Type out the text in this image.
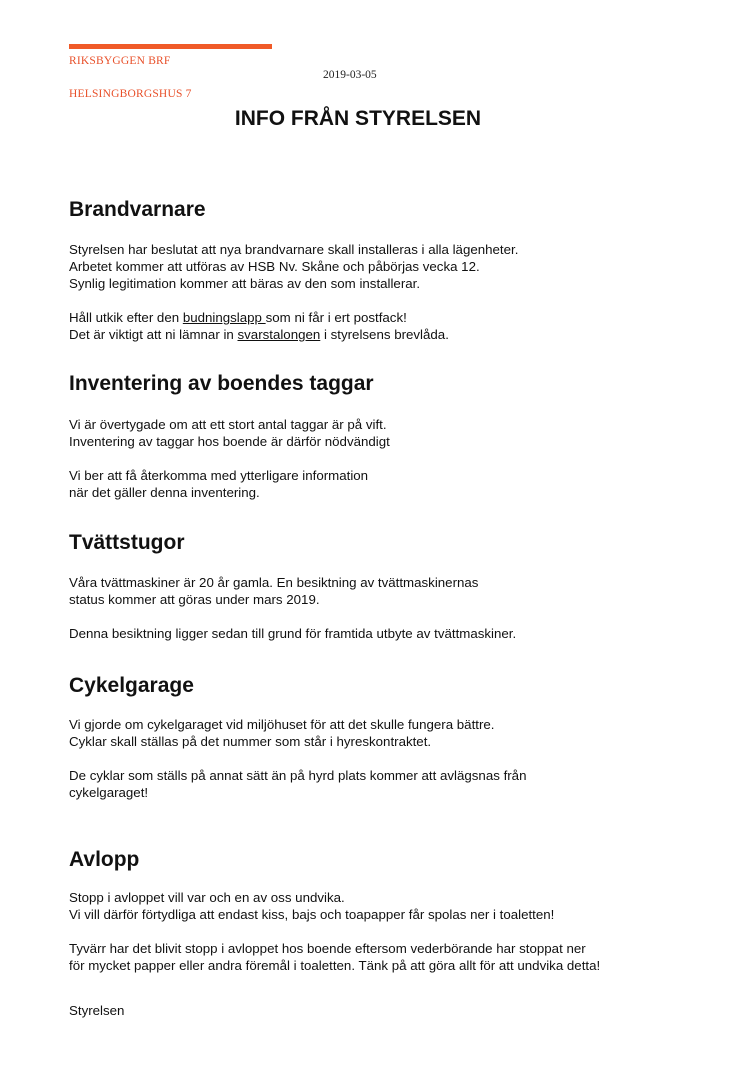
RIKSBYGGEN BRF
HELSINGBORGSHUS 7
2019-03-05
INFO FRÅN STYRELSEN
Brandvarnare

Styrelsen har beslutat att nya brandvarnare skall installeras i alla lägenheter.

Arbetet kommer att utföras av HSB Nv. Skåne och påbörjas vecka 12.

Synlig legitimation kommer att bäras av den som installerar.

Håll utkik efter den budningslapp som ni får i ert postfack!

Det är viktigt att ni lämnar in svarstalongen i styrelsens brevlåda.

Inventering av boendes taggar

Vi är övertygade om att ett stort antal taggar är på vift.

Inventering av taggar hos boende är därför nödvändigt

Vi ber att få återkomma med ytterligare information

när det gäller denna inventering.

Tvättstugor

Våra tvättmaskiner är 20 år gamla. En besiktning av tvättmaskinernas

status kommer att göras under mars 2019.

Denna besiktning ligger sedan till grund för framtida utbyte av tvättmaskiner.

Cykelgarage

Vi gjorde om cykelgaraget vid miljöhuset för att det skulle fungera bättre.

Cyklar skall ställas på det nummer som står i hyreskontraktet.

De cyklar som ställs på annat sätt än på hyrd plats kommer att avlägsnas från

cykelgaraget!

Avlopp

Stopp i avloppet vill var och en av oss undvika.

Vi vill därför förtydliga att endast kiss, bajs och toapapper får spolas ner i toaletten!

Tyvärr har det blivit stopp i avloppet hos boende eftersom vederbörande har stoppat ner

för mycket papper eller andra föremål i toaletten. Tänk på att göra allt för att undvika detta!

Styrelsen
